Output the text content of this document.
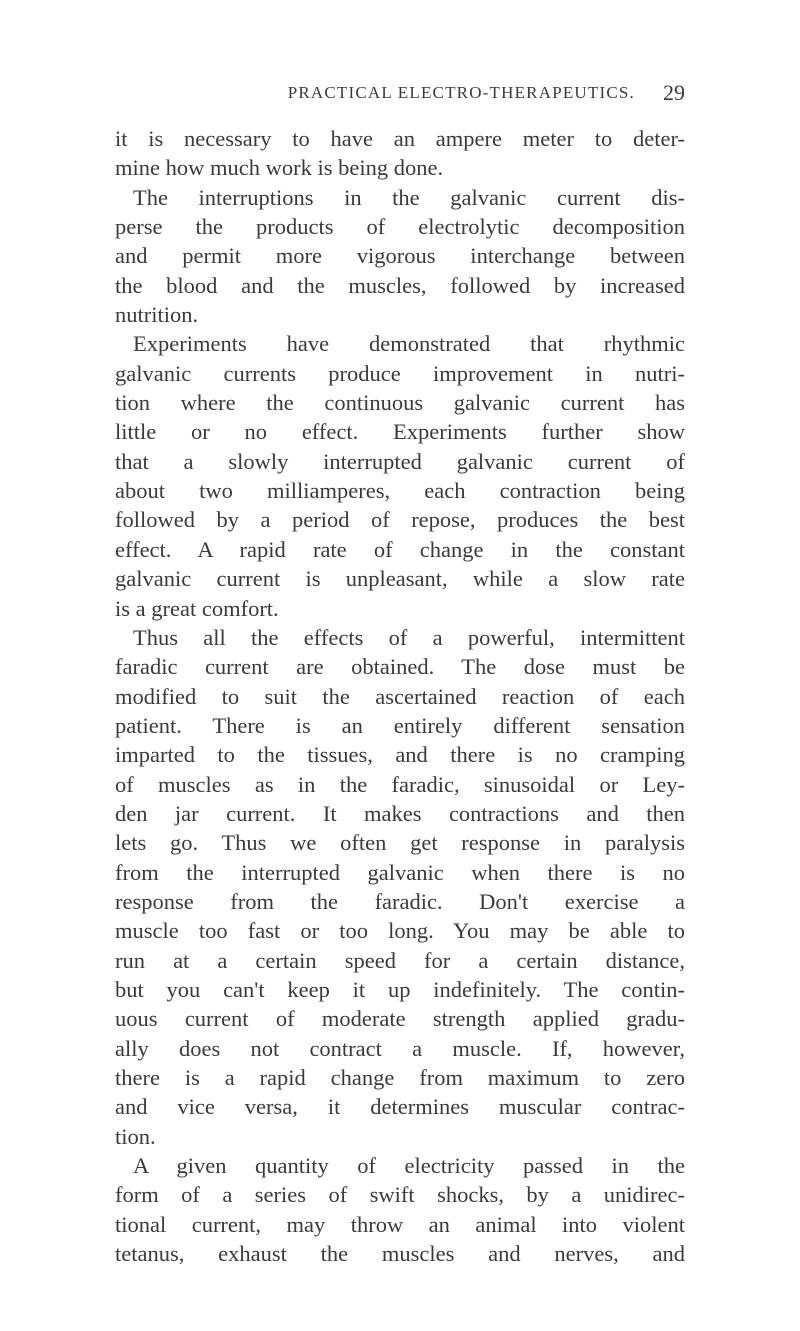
PRACTICAL ELECTRO-THERAPEUTICS. 29
it is necessary to have an ampere meter to deter-
mine how much work is being done.
The interruptions in the galvanic current dis-
perse the products of electrolytic decomposition
and permit more vigorous interchange between
the blood and the muscles, followed by increased
nutrition.
Experiments have demonstrated that rhythmic
galvanic currents produce improvement in nutri-
tion where the continuous galvanic current has
little or no effect. Experiments further show
that a slowly interrupted galvanic current of
about two milliamperes, each contraction being
followed by a period of repose, produces the best
effect. A rapid rate of change in the constant
galvanic current is unpleasant, while a slow rate
is a great comfort.
Thus all the effects of a powerful, intermittent
faradic current are obtained. The dose must be
modified to suit the ascertained reaction of each
patient. There is an entirely different sensation
imparted to the tissues, and there is no cramping
of muscles as in the faradic, sinusoidal or Ley-
den jar current. It makes contractions and then
lets go. Thus we often get response in paralysis
from the interrupted galvanic when there is no
response from the faradic. Don't exercise a
muscle too fast or too long. You may be able to
run at a certain speed for a certain distance,
but you can't keep it up indefinitely. The contin-
uous current of moderate strength applied gradu-
ally does not contract a muscle. If, however,
there is a rapid change from maximum to zero
and vice versa, it determines muscular contrac-
tion.
A given quantity of electricity passed in the
form of a series of swift shocks, by a unidirec-
tional current, may throw an animal into violent
tetanus, exhaust the muscles and nerves, and
